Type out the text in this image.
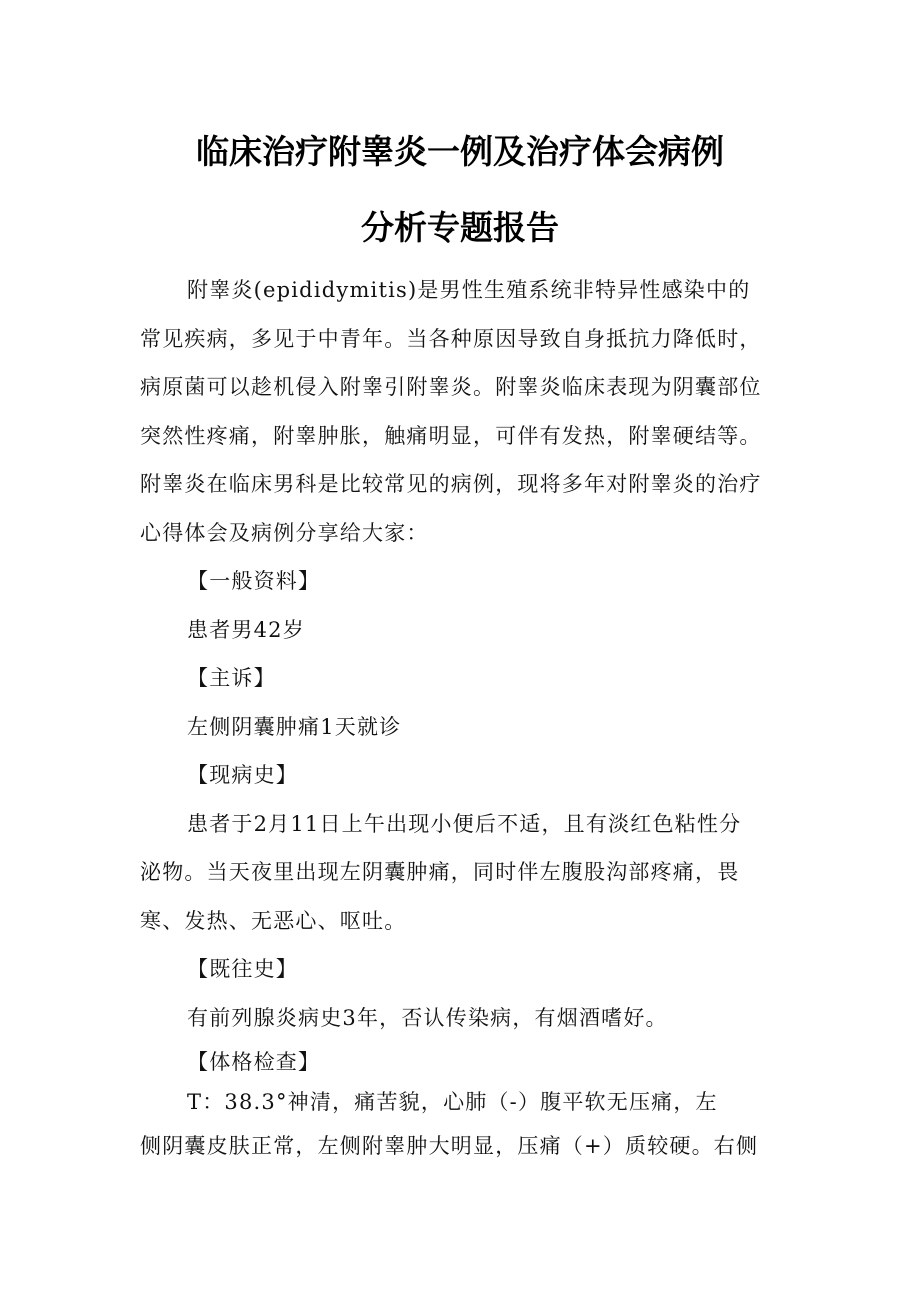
临床治疗附睾炎一例及治疗体会病例
分析专题报告

附睾炎(epididymitis)是男性生殖系统非特异性感染中的

常见疾病，多见于中青年。当各种原因导致自身抵抗力降低时，

病原菌可以趁机侵入附睾引附睾炎。附睾炎临床表现为阴囊部位

突然性疼痛，附睾肿胀，触痛明显，可伴有发热，附睾硬结等。

附睾炎在临床男科是比较常见的病例，现将多年对附睾炎的治疗

心得体会及病例分享给大家：

【一般资料】

患者男42岁

【主诉】

左侧阴囊肿痛1天就诊

【现病史】

患者于2月11日上午出现小便后不适，且有淡红色粘性分

泌物。当天夜里出现左阴囊肿痛，同时伴左腹股沟部疼痛，畏

寒、发热、无恶心、呕吐。

【既往史】

有前列腺炎病史3年，否认传染病，有烟酒嗜好。

【体格检查】

T：38.3°神清，痛苦貌，心肺（-）腹平软无压痛，左

侧阴囊皮肤正常，左侧附睾肿大明显，压痛（+）质较硬。右侧
